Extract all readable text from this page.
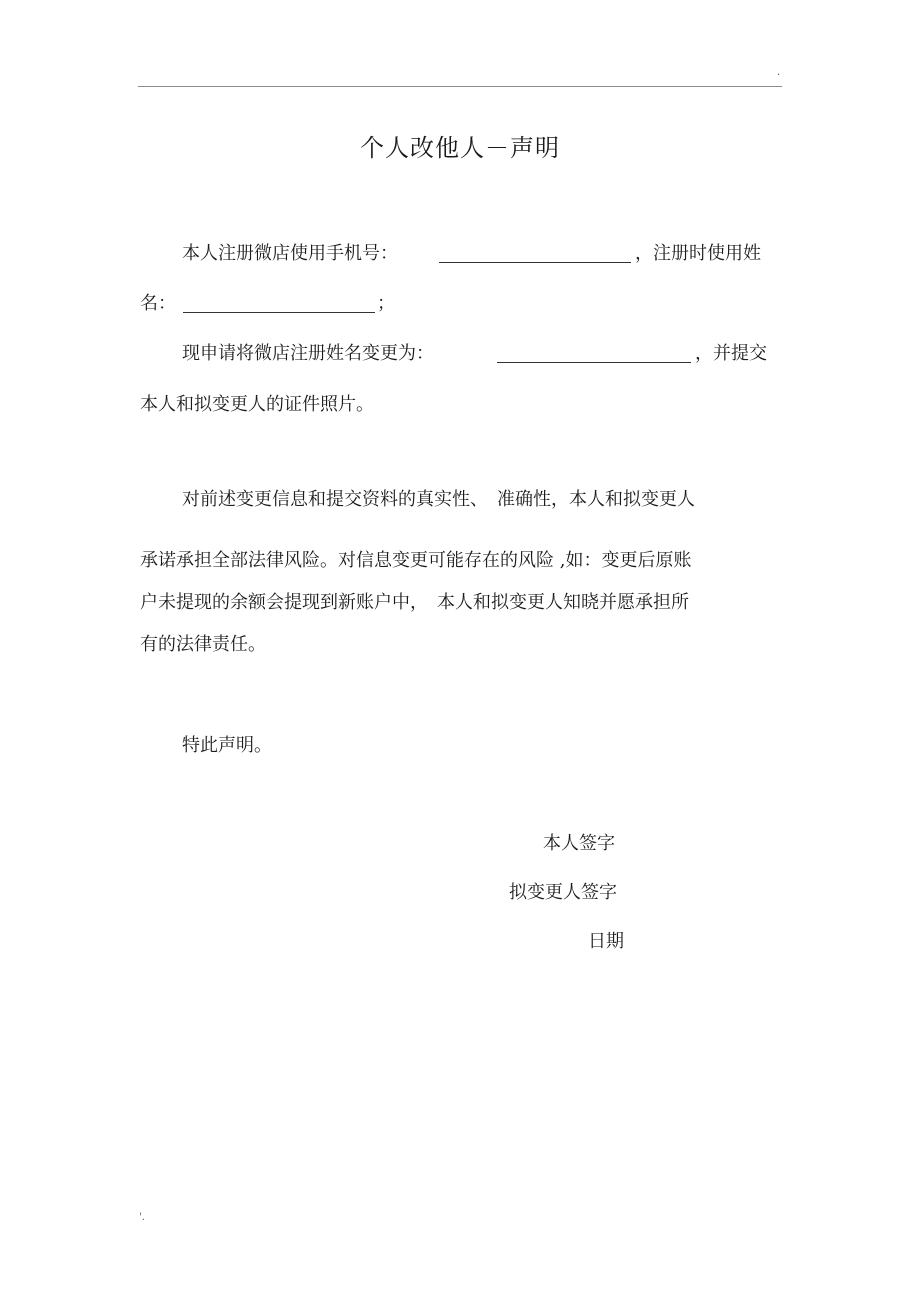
·
个人改他人－声明
本人注册微店使用手机号：	，注册时使用姓
名：	；
现申请将微店注册姓名变更为：	，并提交
本人和拟变更人的证件照片。
对前述变更信息和提交资料的真实性、　准确性，本人和拟变更人
承诺承担全部法律风险。对信息变更可能存在的风险 ,如：变更后原账
户未提现的余额会提现到新账户中，　本人和拟变更人知晓并愿承担所
有的法律责任。
特此声明。
本人签字
拟变更人签字
日期
'.
